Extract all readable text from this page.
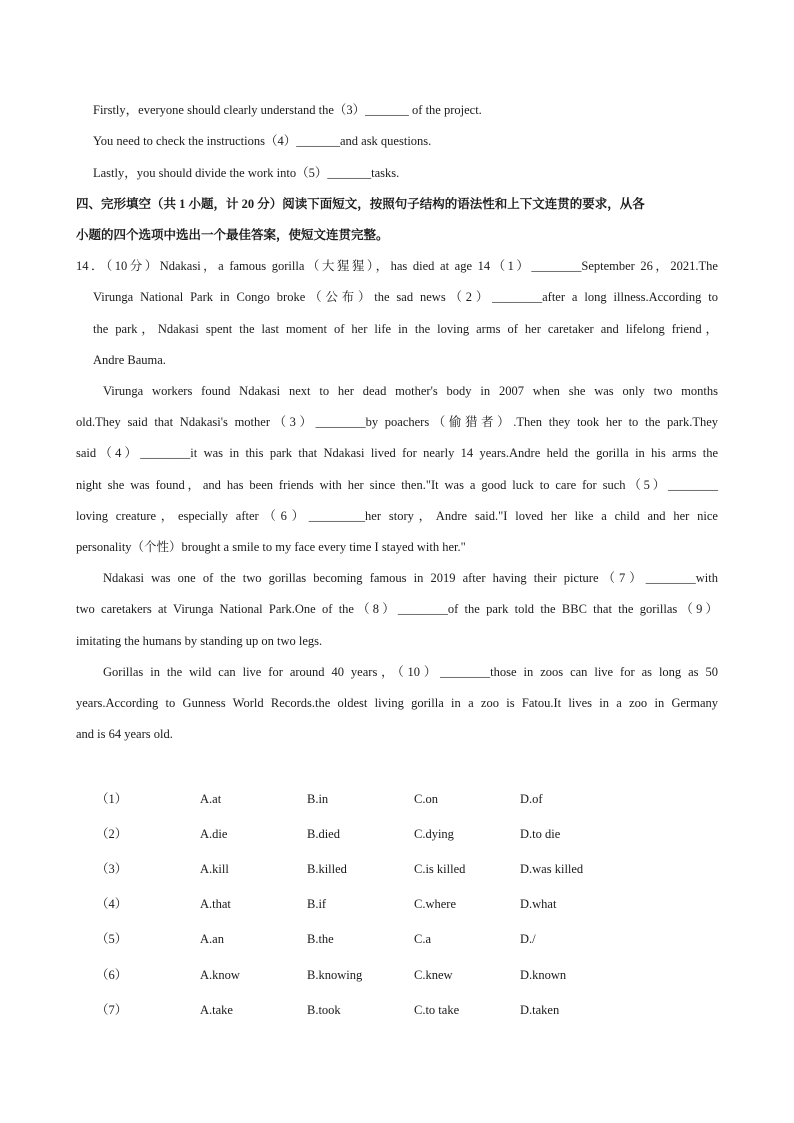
Firstly，everyone should clearly understand the（3）_______ of the project.
You need to check the instructions（4）_______and ask questions.
Lastly，you should divide the work into（5）_______tasks.
四、完形填空（共 1 小题，计 20 分）阅读下面短文，按照句子结构的语法性和上下文连贯的要求，从各
小题的四个选项中选出一个最佳答案，使短文连贯完整。
14．（10分）Ndakasi，a famous gorilla（大猩猩），has died at age 14（1）________September 26，2021.The
Virunga National Park in Congo broke（公布）the sad news（2）________after a long illness.According to
the park，Ndakasi spent the last moment of her life in the loving arms of her caretaker and lifelong friend，
Andre Bauma.
Virunga workers found Ndakasi next to her dead mother's body in 2007 when she was only two months
old.They said that Ndakasi's mother（3）________by poachers（偷猎者）.Then they took her to the park.They
said（4）________it was in this park that Ndakasi lived for nearly 14 years.Andre held the gorilla in his arms the
night she was found，and has been friends with her since then."It was a good luck to care for such（5）________
loving creature，especially after（6）_________her story，Andre said."I loved her like a child and her nice
personality（个性）brought a smile to my face every time I stayed with her."
Ndakasi was one of the two gorillas becoming famous in 2019 after having their picture（7）________with
two caretakers at Virunga National Park.One of the（8）________of the park told the BBC that the gorillas（9）
imitating the humans by standing up on two legs.
Gorillas in the wild can live for around 40 years，（10）________those in zoos can live for as long as 50
years.According to Gunness World Records.the oldest living gorilla in a zoo is Fatou.It lives in a zoo in Germany
and is 64 years old.
（1）	A.at	B.in	C.on	D.of
（2）	A.die	B.died	C.dying	D.to die
（3）	A.kill	B.killed	C.is killed	D.was killed
（4）	A.that	B.if	C.where	D.what
（5）	A.an	B.the	C.a	D./
（6）	A.know	B.knowing	C.knew	D.known
（7）	A.take	B.took	C.to take	D.taken
